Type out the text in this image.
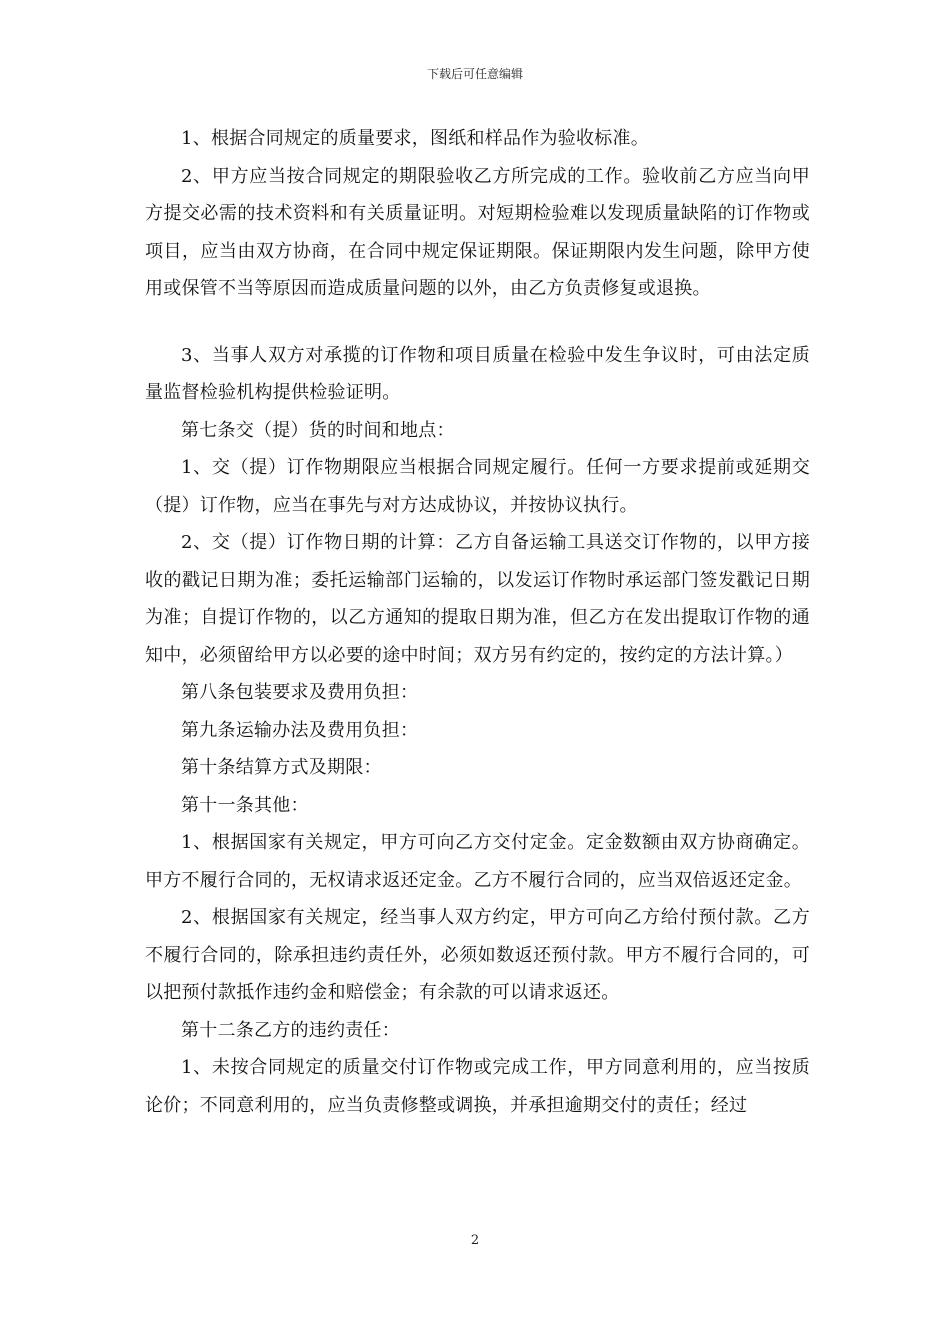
下载后可任意编辑

1、根据合同规定的质量要求，图纸和样品作为验收标准。

2、甲方应当按合同规定的期限验收乙方所完成的工作。验收前乙方应当向甲方提交必需的技术资料和有关质量证明。对短期检验难以发现质量缺陷的订作物或项目，应当由双方协商，在合同中规定保证期限。保证期限内发生问题，除甲方使用或保管不当等原因而造成质量问题的以外，由乙方负责修复或退换。

3、当事人双方对承揽的订作物和项目质量在检验中发生争议时，可由法定质量监督检验机构提供检验证明。

第七条交（提）货的时间和地点：

1、交（提）订作物期限应当根据合同规定履行。任何一方要求提前或延期交（提）订作物，应当在事先与对方达成协议，并按协议执行。

2、交（提）订作物日期的计算：乙方自备运输工具送交订作物的，以甲方接收的戳记日期为准；委托运输部门运输的，以发运订作物时承运部门签发戳记日期为准；自提订作物的，以乙方通知的提取日期为准，但乙方在发出提取订作物的通知中，必须留给甲方以必要的途中时间；双方另有约定的，按约定的方法计算。）

第八条包装要求及费用负担：

第九条运输办法及费用负担：

第十条结算方式及期限：

第十一条其他：

1、根据国家有关规定，甲方可向乙方交付定金。定金数额由双方协商确定。甲方不履行合同的，无权请求返还定金。乙方不履行合同的，应当双倍返还定金。

2、根据国家有关规定，经当事人双方约定，甲方可向乙方给付预付款。乙方不履行合同的，除承担违约责任外，必须如数返还预付款。甲方不履行合同的，可以把预付款抵作违约金和赔偿金；有余款的可以请求返还。

第十二条乙方的违约责任：

1、未按合同规定的质量交付订作物或完成工作，甲方同意利用的，应当按质论价；不同意利用的，应当负责修整或调换，并承担逾期交付的责任；经过

2
